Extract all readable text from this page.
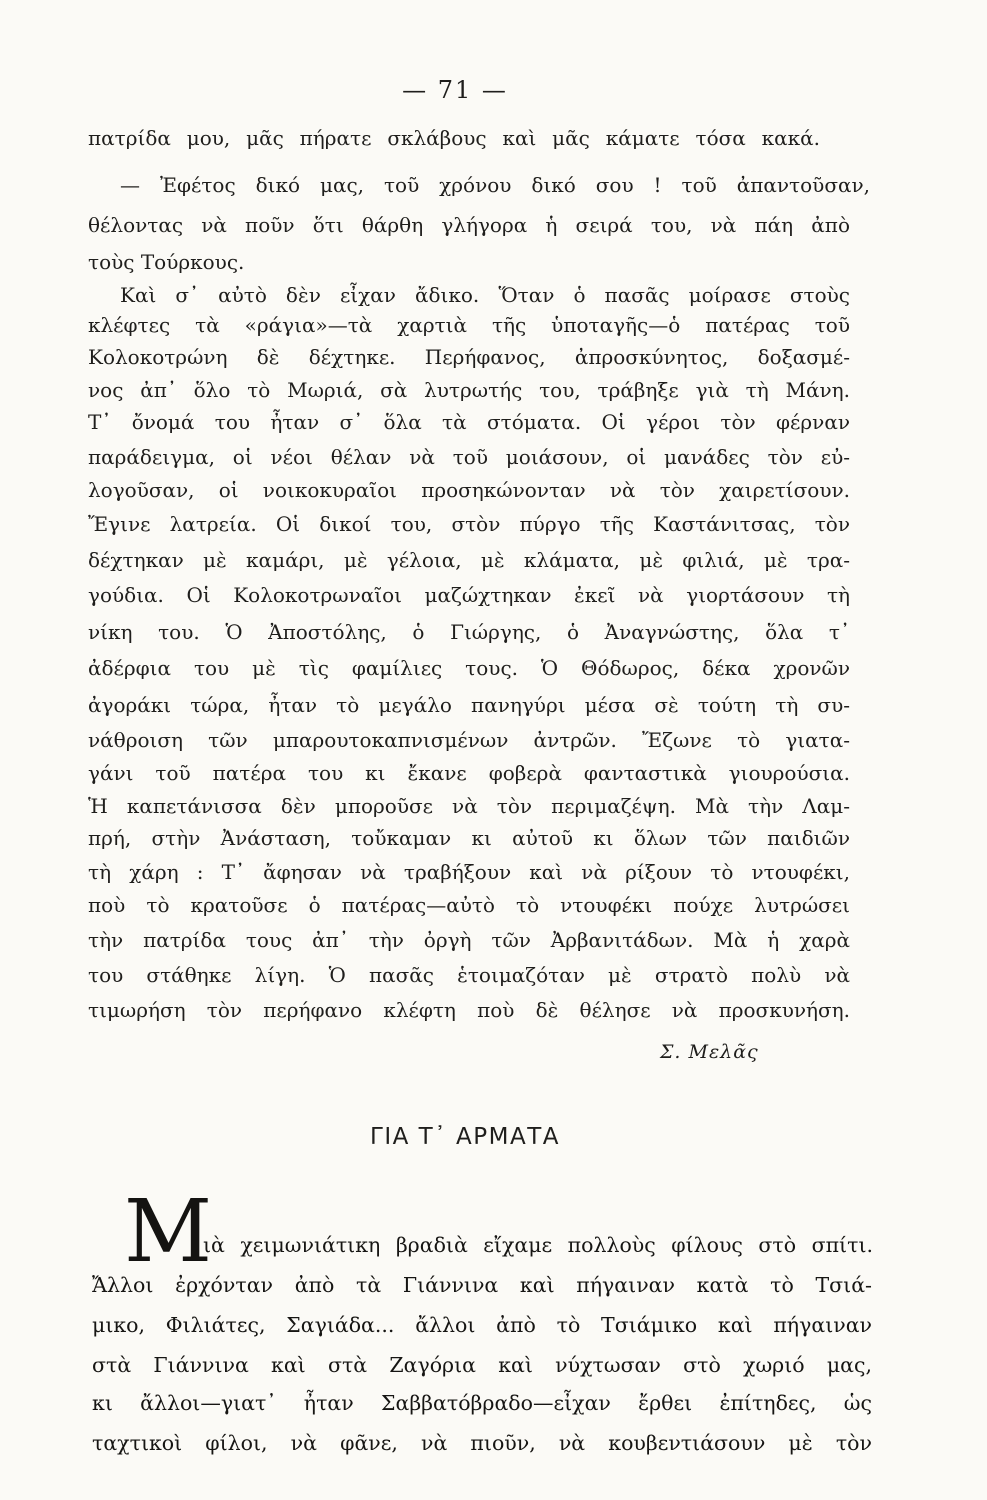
— 71 —
πατρίδα μου, μᾶς πήρατε σκλάβους καὶ μᾶς κάματε τόσα κακά.
— Ἐφέτος δικό μας, τοῦ χρόνου δικό σου ! τοῦ ἀπαντοῦσαν,
θέλοντας νὰ ποῦν ὅτι θάρθη γλήγορα ἡ σειρά του, νὰ πάη ἀπὸ
τοὺς Τούρκους.
Καὶ σ᾿ αὐτὸ δὲν εἶχαν ἄδικο. Ὅταν ὁ πασᾶς μοίρασε στοὺς
κλέφτες τὰ «ράγια»—τὰ χαρτιὰ τῆς ὑποταγῆς—ὁ πατέρας τοῦ
Κολοκοτρώνη δὲ δέχτηκε. Περήφανος, ἀπροσκύνητος, δοξασμέ-
νος ἀπ᾿ ὅλο τὸ Μωριά, σὰ λυτρωτής του, τράβηξε γιὰ τὴ Μάνη.
Τ᾿ ὄνομά του ἦταν σ᾿ ὅλα τὰ στόματα. Οἱ γέροι τὸν φέρναν
παράδειγμα, οἱ νέοι θέλαν νὰ τοῦ μοιάσουν, οἱ μανάδες τὸν εὐ-
λογοῦσαν, οἱ νοικοκυραῖοι προσηκώνονταν νὰ τὸν χαιρετίσουν.
Ἔγινε λατρεία. Οἱ δικοί του, στὸν πύργο τῆς Καστάνιτσας, τὸν
δέχτηκαν μὲ καμάρι, μὲ γέλοια, μὲ κλάματα, μὲ φιλιά, μὲ τρα-
γούδια. Οἱ Κολοκοτρωναῖοι μαζώχτηκαν ἐκεῖ νὰ γιορτάσουν τὴ
νίκη του. Ὁ Ἀποστόλης, ὁ Γιώργης, ὁ Ἀναγνώστης, ὅλα τ᾿
ἀδέρφια του μὲ τὶς φαμίλιες τους. Ὁ Θόδωρος, δέκα χρονῶν
ἀγοράκι τώρα, ἦταν τὸ μεγάλο πανηγύρι μέσα σὲ τούτη τὴ συ-
νάθροιση τῶν μπαρουτοκαπνισμένων ἀντρῶν. Ἔζωνε τὸ γιατα-
γάνι τοῦ πατέρα του κι ἔκανε φοβερὰ φανταστικὰ γιουρούσια.
Ἡ καπετάνισσα δὲν μποροῦσε νὰ τὸν περιμαζέψη. Μὰ τὴν Λαμ-
πρή, στὴν Ἀνάσταση, τοὔκαμαν κι αὐτοῦ κι ὅλων τῶν παιδιῶν
τὴ χάρη : Τ᾿ ἄφησαν νὰ τραβήξουν καὶ νὰ ρίξουν τὸ ντουφέκι,
ποὺ τὸ κρατοῦσε ὁ πατέρας—αὐτὸ τὸ ντουφέκι πούχε λυτρώσει
τὴν πατρίδα τους ἀπ᾿ τὴν ὀργὴ τῶν Ἀρβανιτάδων. Μὰ ἡ χαρὰ
του στάθηκε λίγη. Ὁ πασᾶς ἑτοιμαζόταν μὲ στρατὸ πολὺ νὰ
τιμωρήση τὸν περήφανο κλέφτη ποὺ δὲ θέλησε νὰ προσκυνήση.
Σ. Μελᾶς
ΓΙΑ Τ᾿ ΑΡΜΑΤΑ
Μ
ιὰ χειμωνιάτικη βραδιὰ εἴχαμε πολλοὺς φίλους στὸ σπίτι.
Ἄλλοι ἐρχόνταν ἀπὸ τὰ Γιάννινα καὶ πήγαιναν κατὰ τὸ Τσιά-
μικο, Φιλιάτες, Σαγιάδα... ἄλλοι ἀπὸ τὸ Τσιάμικο καὶ πήγαιναν
στὰ Γιάννινα καὶ στὰ Ζαγόρια καὶ νύχτωσαν στὸ χωριό μας,
κι ἄλλοι—γιατ᾿ ἦταν Σαββατόβραδο—εἶχαν ἔρθει ἐπίτηδες, ὡς
ταχτικοὶ φίλοι, νὰ φᾶνε, νὰ πιοῦν, νὰ κουβεντιάσουν μὲ τὸν
